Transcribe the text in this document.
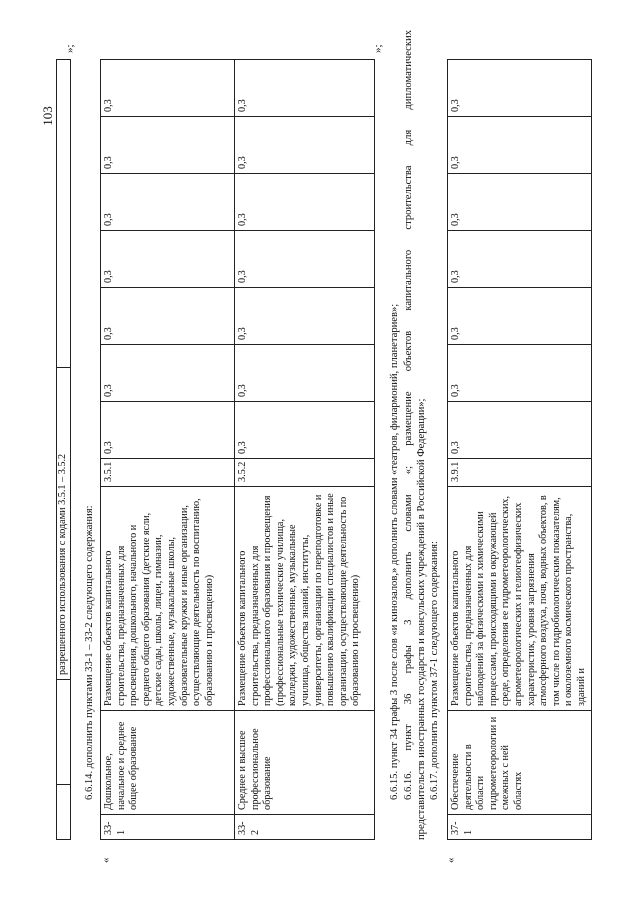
103
		разрешенного использования с кодами 3.5.1 – 3.5.2	
»;
6.6.14. дополнить пунктами 33-1 – 33-2 следующего содержания:
«
33-1	Дошкольное, начальное и среднее общее образование	Размещение объектов капитального строительства, предназначенных для просвещения, дошкольного, начального и среднего общего образования (детские ясли, детские сады, школы, лицеи, гимназии, художественные, музыкальные школы, образовательные кружки и иные организации, осуществляющие деятельность по воспитанию, образованию и просвещению)	3.5.1	0,3	0,3	0,3	0,3	0,3	0,3	0,3
33-2	Среднее и высшее профессиональное образование	Размещение объектов капитального строительства, предназначенных для профессионального образования и просвещения (профессиональные технические училища, колледжи, художественные, музыкальные училища, общества знаний, институты, университеты, организации по переподготовке и повышению квалификации специалистов и иные организации, осуществляющие деятельность по образованию и просвещению)	3.5.2	0,3	0,3	0,3	0,3	0,3	0,3	0,3
»;
6.6.15. пункт 34 графы 3 после слов «и кинозалов,» дополнить словами «театров, филармоний, планетариев»; 6.6.16. пункт 36 графы 3 дополнить словами «; размещение объектов капитального строительства для дипломатических представительств иностранных государств и консульских учреждений в Российской Федерации»; 6.6.17. дополнить пунктом 37-1 следующего содержания:
«
37-1	Обеспечение деятельности в области гидрометеорологии и смежных с ней областях	Размещение объектов капитального строительства, предназначенных для наблюдений за физическими и химическими процессами, происходящими в окружающей среде, определения ее гидрометеорологических, агрометеорологических и гелиогеофизических характеристик, уровня загрязнения атмосферного воздуха, почв, водных объектов, в том числе по гидробиологическим показателям, и околоземного космического пространства, зданий и	3.9.1	0,3	0,3	0,3	0,3	0,3	0,3	0,3
